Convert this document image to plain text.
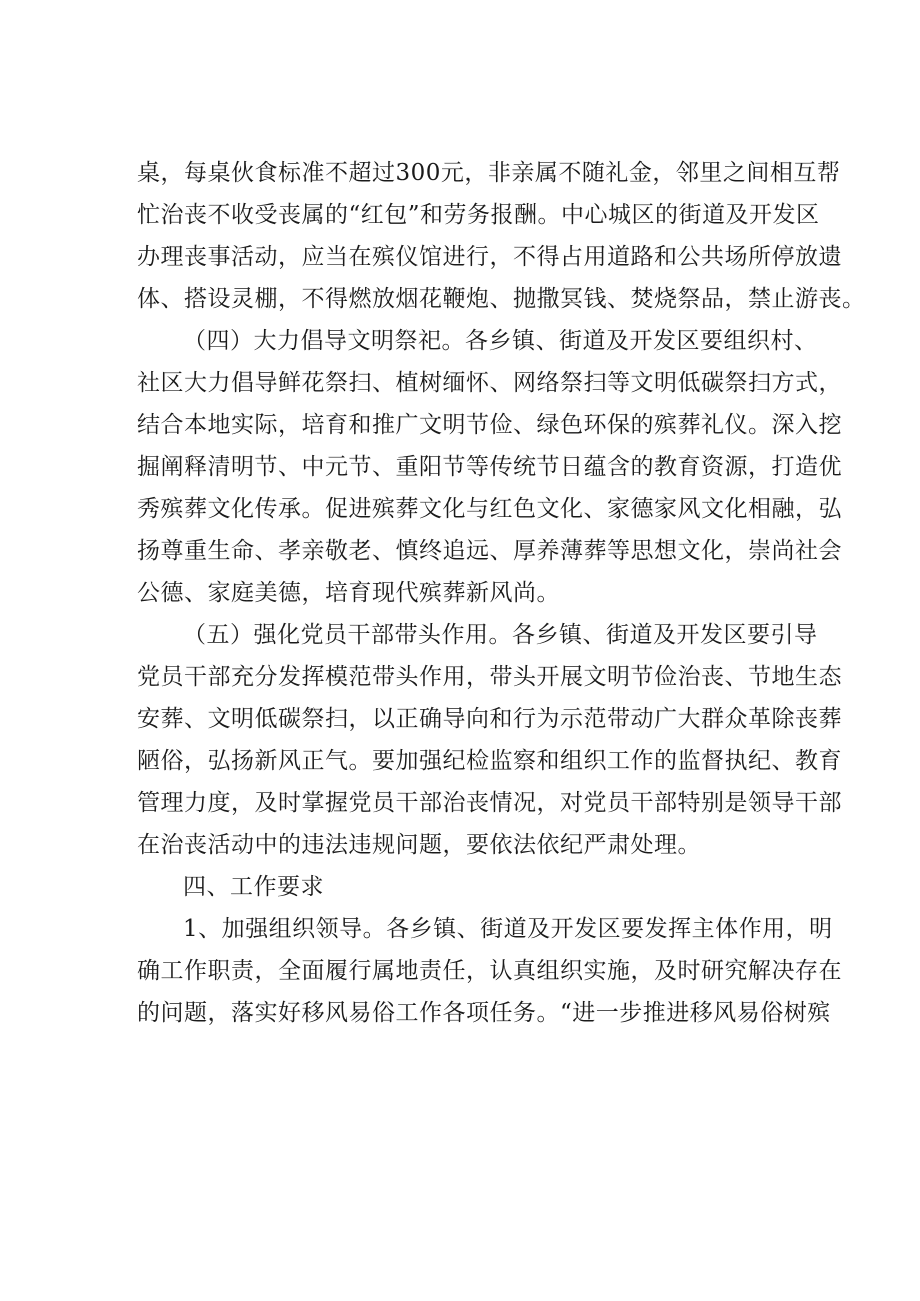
桌，每桌伙食标准不超过300元，非亲属不随礼金，邻里之间相互帮
忙治丧不收受丧属的“红包”和劳务报酬。中心城区的街道及开发区
办理丧事活动，应当在殡仪馆进行，不得占用道路和公共场所停放遗
体、搭设灵棚，不得燃放烟花鞭炮、抛撒冥钱、焚烧祭品，禁止游丧。
（四）大力倡导文明祭祀。各乡镇、街道及开发区要组织村、
社区大力倡导鲜花祭扫、植树缅怀、网络祭扫等文明低碳祭扫方式，
结合本地实际，培育和推广文明节俭、绿色环保的殡葬礼仪。深入挖
掘阐释清明节、中元节、重阳节等传统节日蕴含的教育资源，打造优
秀殡葬文化传承。促进殡葬文化与红色文化、家德家风文化相融，弘
扬尊重生命、孝亲敬老、慎终追远、厚养薄葬等思想文化，崇尚社会
公德、家庭美德，培育现代殡葬新风尚。
（五）强化党员干部带头作用。各乡镇、街道及开发区要引导
党员干部充分发挥模范带头作用，带头开展文明节俭治丧、节地生态
安葬、文明低碳祭扫，以正确导向和行为示范带动广大群众革除丧葬
陋俗，弘扬新风正气。要加强纪检监察和组织工作的监督执纪、教育
管理力度，及时掌握党员干部治丧情况，对党员干部特别是领导干部
在治丧活动中的违法违规问题，要依法依纪严肃处理。
四、工作要求
1、加强组织领导。各乡镇、街道及开发区要发挥主体作用，明
确工作职责，全面履行属地责任，认真组织实施，及时研究解决存在
的问题，落实好移风易俗工作各项任务。“进一步推进移风易俗树殡
